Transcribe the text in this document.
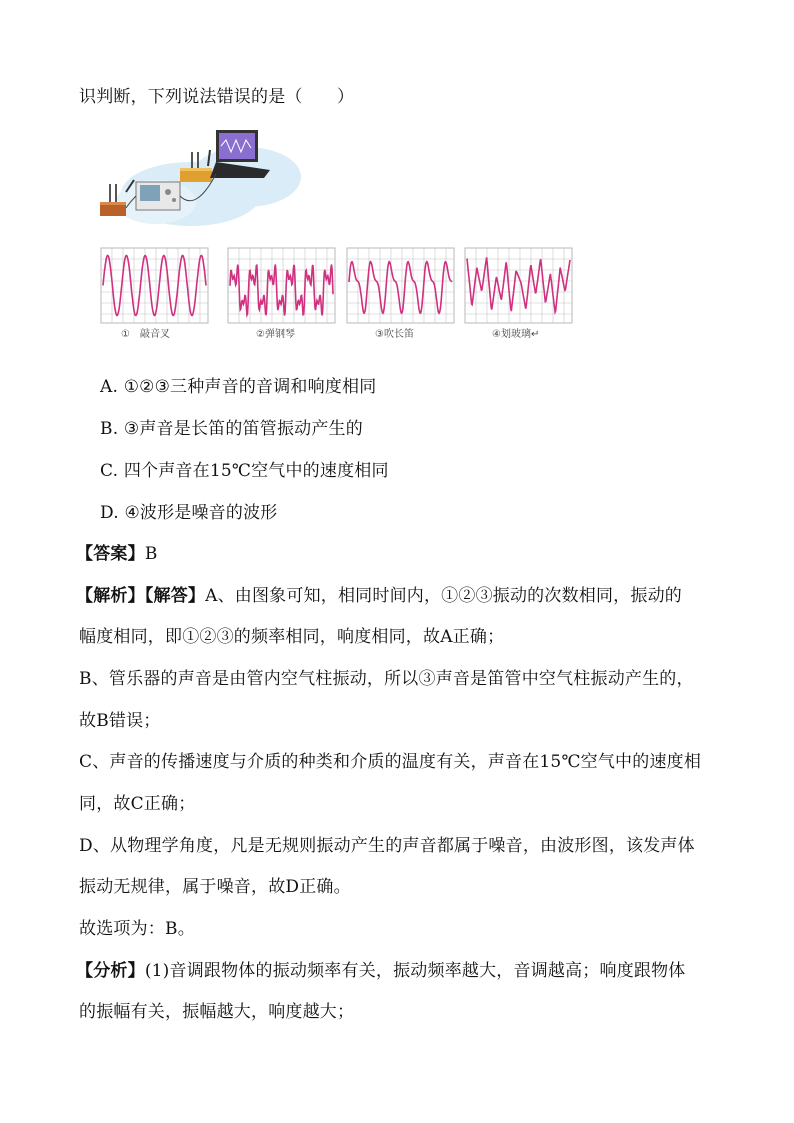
识判断，下列说法错误的是（　　）
①　敲音叉	②弹钢琴	③吹长笛	④划玻璃↵
A. ①②③三种声音的音调和响度相同
B. ③声音是长笛的笛管振动产生的
C. 四个声音在15℃空气中的速度相同
D. ④波形是噪音的波形
【答案】B
【解析】【解答】A、由图象可知，相同时间内，①②③振动的次数相同，振动的
幅度相同，即①②③的频率相同，响度相同，故A正确；
B、管乐器的声音是由管内空气柱振动，所以③声音是笛管中空气柱振动产生的，
故B错误；
C、声音的传播速度与介质的种类和介质的温度有关，声音在15℃空气中的速度相
同，故C正确；
D、从物理学角度，凡是无规则振动产生的声音都属于噪音，由波形图，该发声体
振动无规律，属于噪音，故D正确。
故选项为：B。
【分析】(1)音调跟物体的振动频率有关，振动频率越大，音调越高；响度跟物体
的振幅有关，振幅越大，响度越大；
